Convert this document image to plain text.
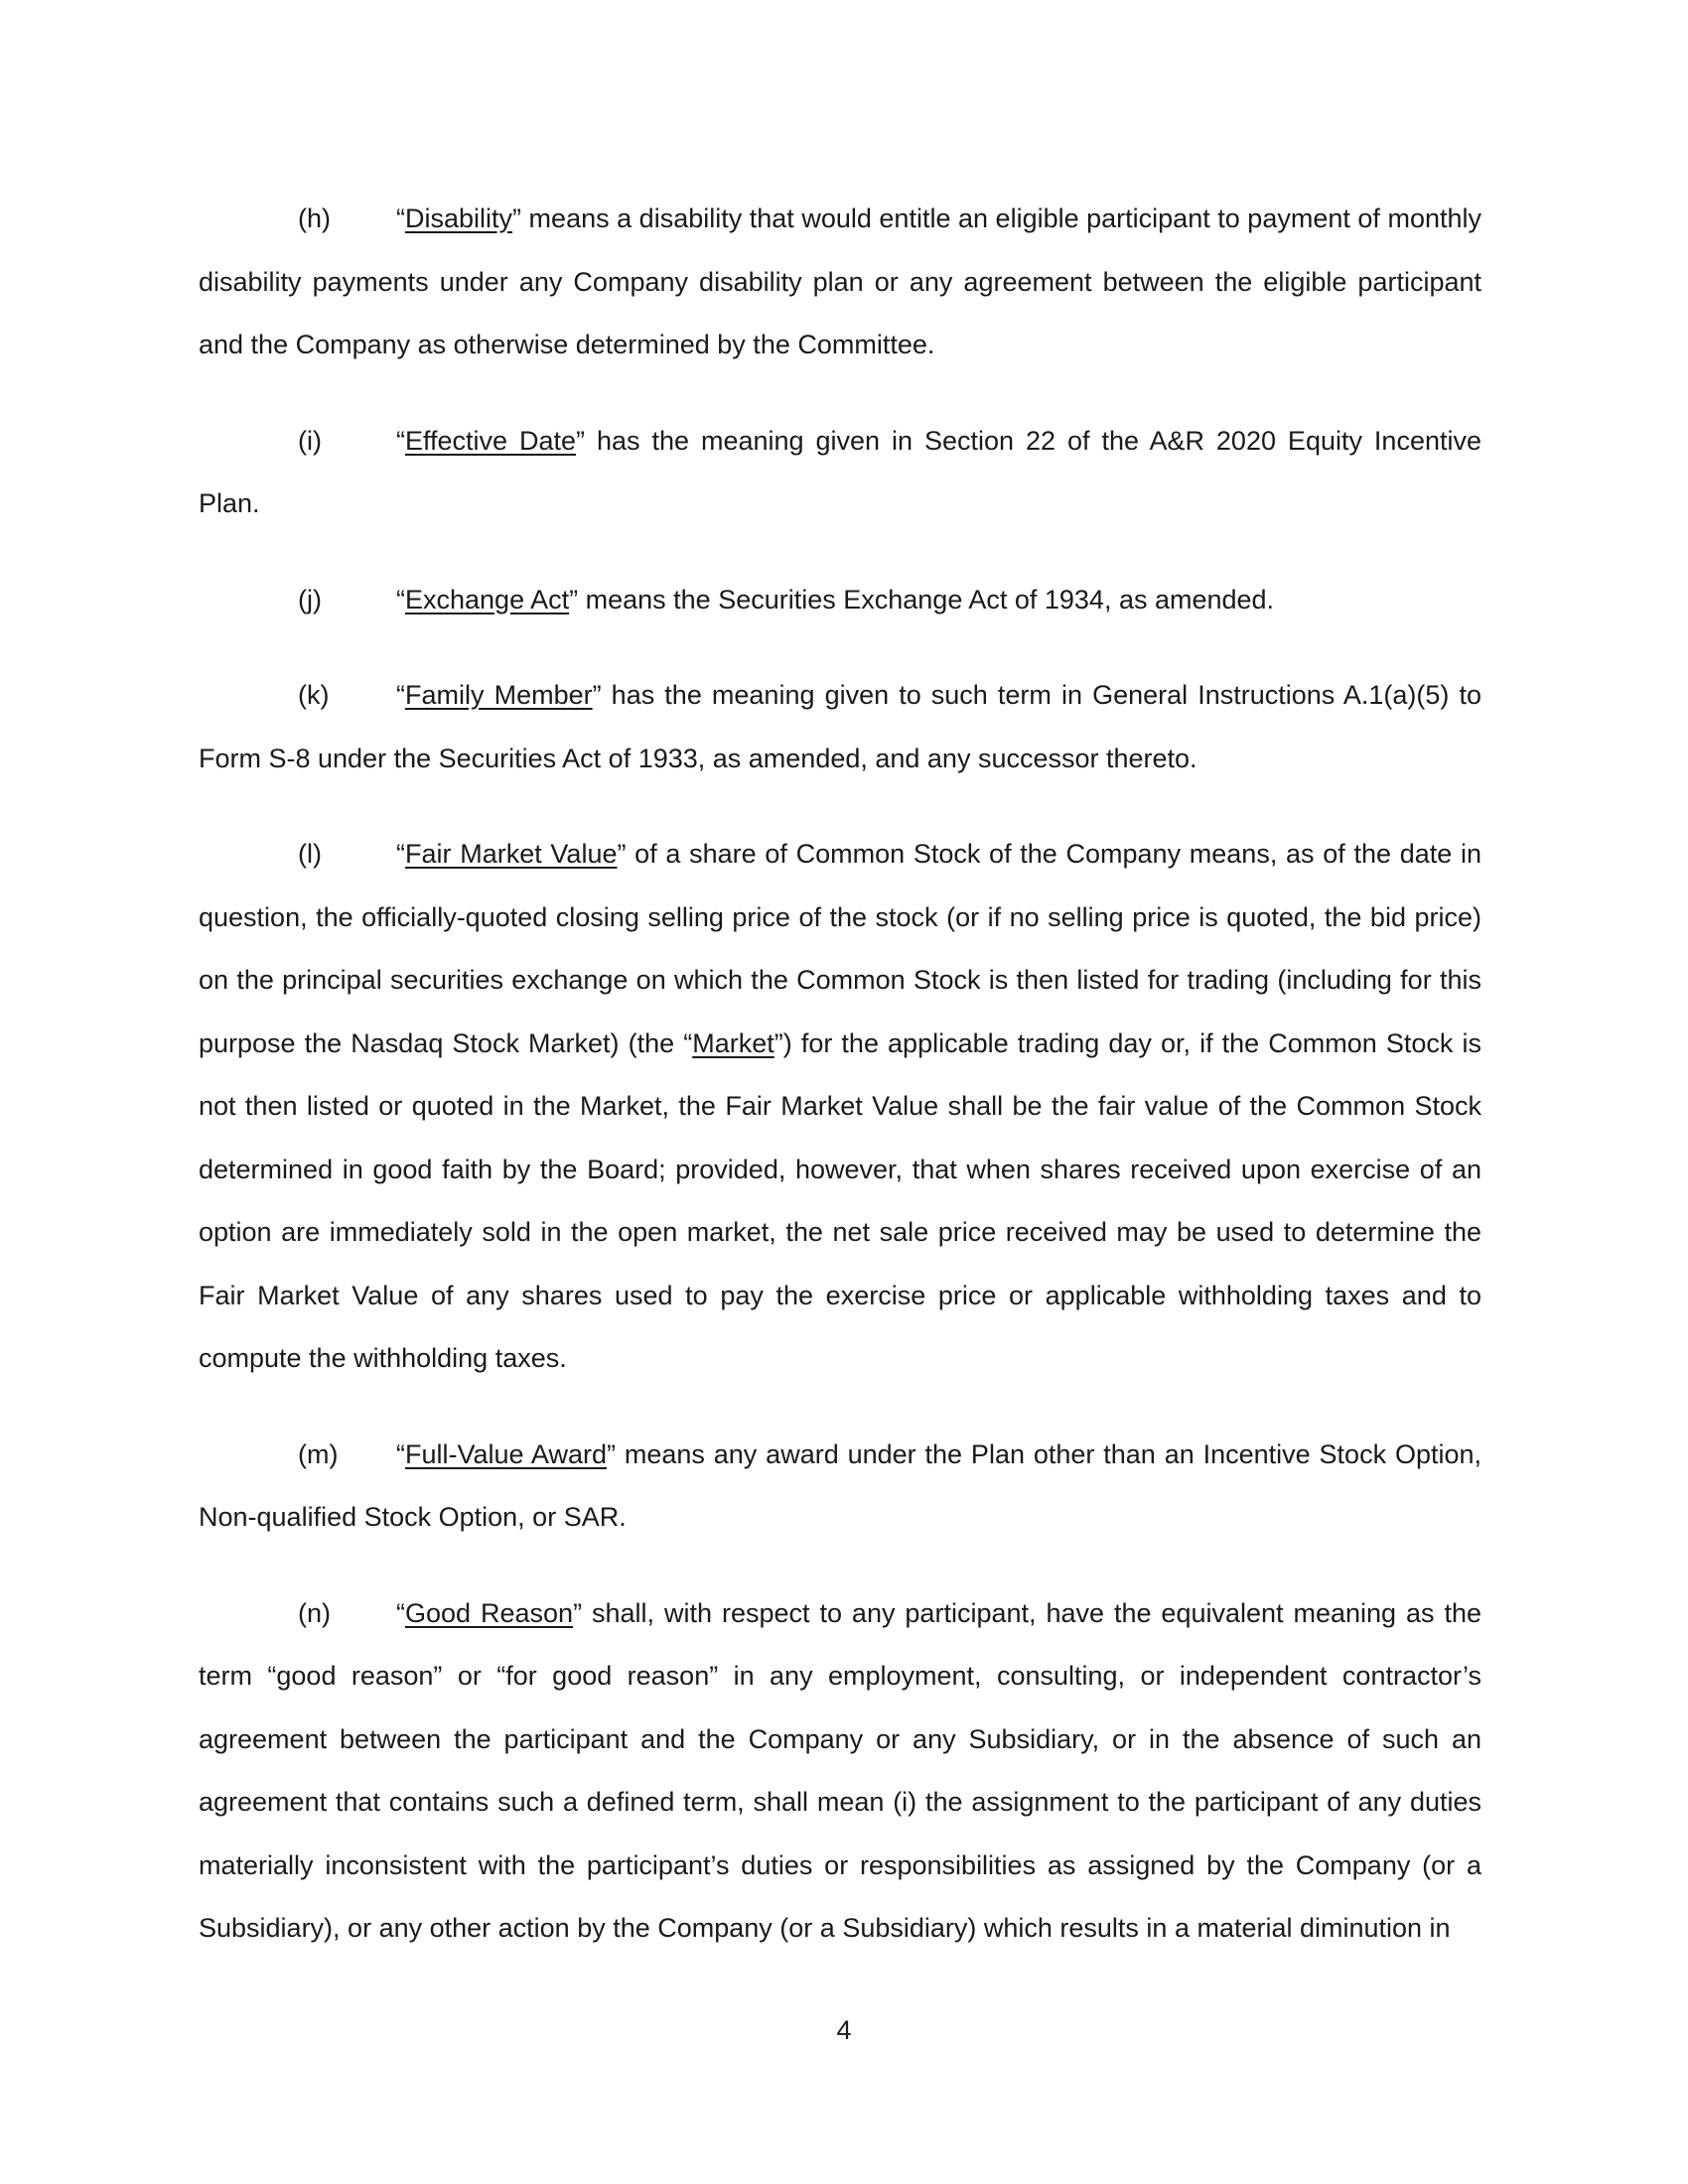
(h) “Disability” means a disability that would entitle an eligible participant to payment of monthly disability payments under any Company disability plan or any agreement between the eligible participant and the Company as otherwise determined by the Committee.

(i)	“Effective Date” has the meaning given in Section 22 of the A&R 2020 Equity Incentive Plan.

(j)	“Exchange Act” means the Securities Exchange Act of 1934, as amended.

(k)	“Family Member” has the meaning given to such term in General Instructions A.1(a)(5) to Form S-8 under the Securities Act of 1933, as amended, and any successor thereto.

(l)	“Fair Market Value” of a share of Common Stock of the Company means, as of the date in question, the officially-quoted closing selling price of the stock (or if no selling price is quoted, the bid price) on the principal securities exchange on which the Common Stock is then listed for trading (including for this purpose the Nasdaq Stock Market) (the “Market”) for the applicable trading day or, if the Common Stock is not then listed or quoted in the Market, the Fair Market Value shall be the fair value of the Common Stock determined in good faith by the Board; provided, however, that when shares received upon exercise of an option are immediately sold in the open market, the net sale price received may be used to determine the Fair Market Value of any shares used to pay the exercise price or applicable withholding taxes and to compute the withholding taxes.

(m) “Full-Value Award” means any award under the Plan other than an Incentive Stock Option, Non-qualified Stock Option, or SAR.

(n) “Good Reason” shall, with respect to any participant, have the equivalent meaning as the term “good reason” or “for good reason” in any employment, consulting, or independent contractor’s agreement between the participant and the Company or any Subsidiary, or in the absence of such an agreement that contains such a defined term, shall mean (i) the assignment to the participant of any duties materially inconsistent with the participant’s duties or responsibilities as assigned by the Company (or a Subsidiary), or any other action by the Company (or a Subsidiary) which results in a material diminution in

4
